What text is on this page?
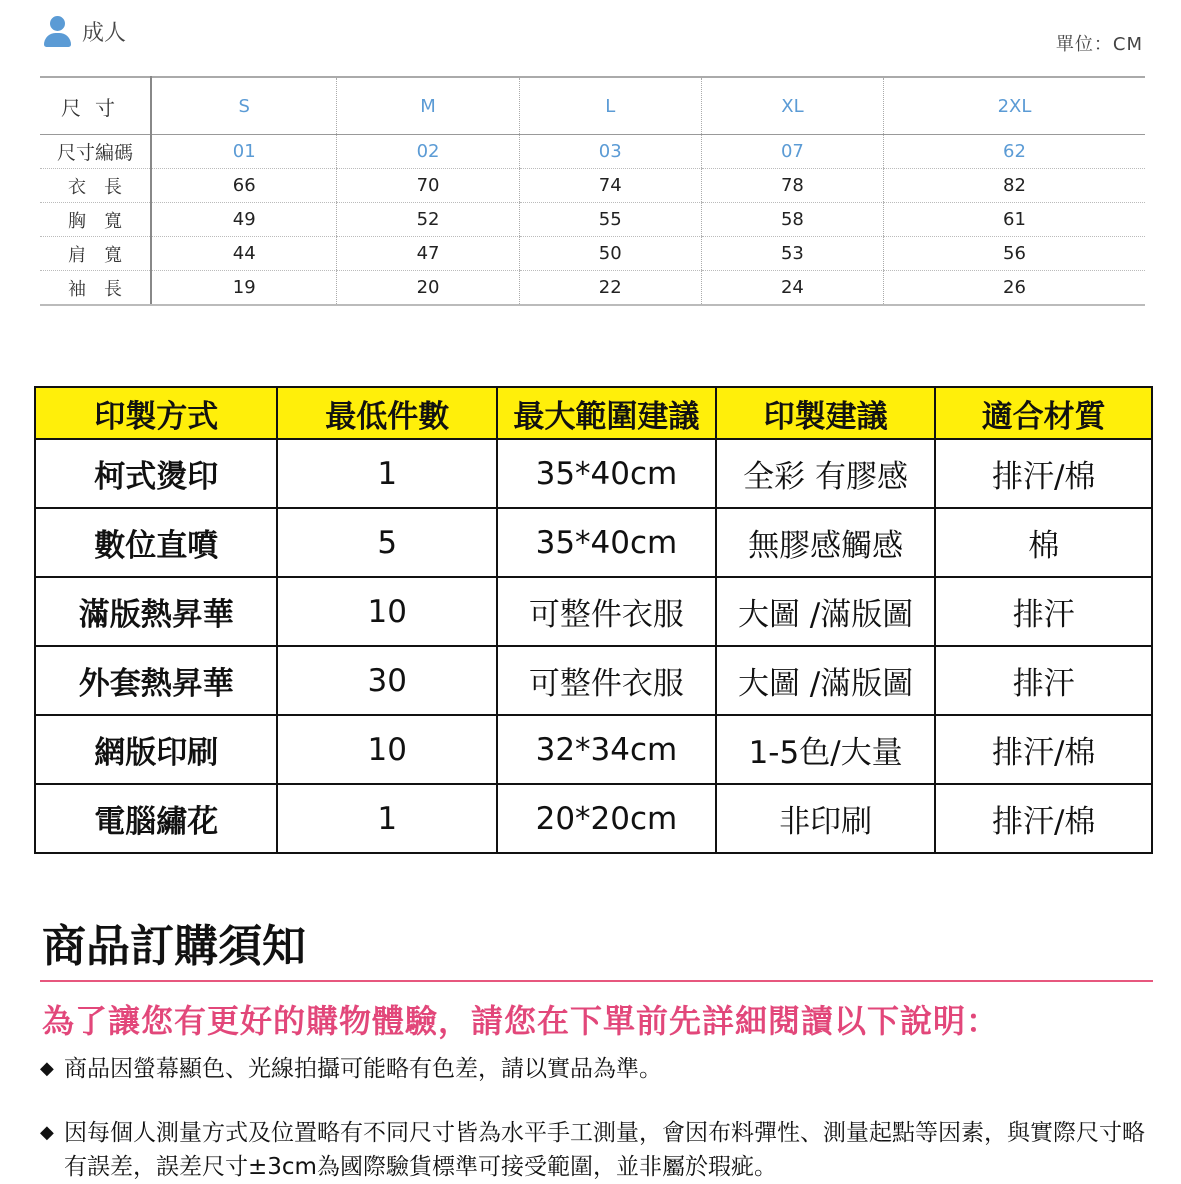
成人	單位：CM
尺寸	S	M	L	XL	2XL
尺寸編碼	01	02	03	07	62
衣長	66	70	74	78	82
胸寬	49	52	55	58	61
肩寬	44	47	50	53	56
袖長	19	20	22	24	26
印製方式	最低件數	最大範圍建議	印製建議	適合材質
柯式燙印	1	35*40cm	全彩 有膠感	排汗/棉
數位直噴	5	35*40cm	無膠感觸感	棉
滿版熱昇華	10	可整件衣服	大圖 /滿版圖	排汗
外套熱昇華	30	可整件衣服	大圖 /滿版圖	排汗
網版印刷	10	32*34cm	1-5色/大量	排汗/棉
電腦繡花	1	20*20cm	非印刷	排汗/棉
商品訂購須知
為了讓您有更好的購物體驗，請您在下單前先詳細閱讀以下說明：
◆ 商品因螢幕顯色、光線拍攝可能略有色差，請以實品為準。
◆ 因每個人測量方式及位置略有不同尺寸皆為水平手工測量，會因布料彈性、測量起點等因素，與實際尺寸略有誤差，誤差尺寸±3cm為國際驗貨標準可接受範圍，並非屬於瑕疵。
